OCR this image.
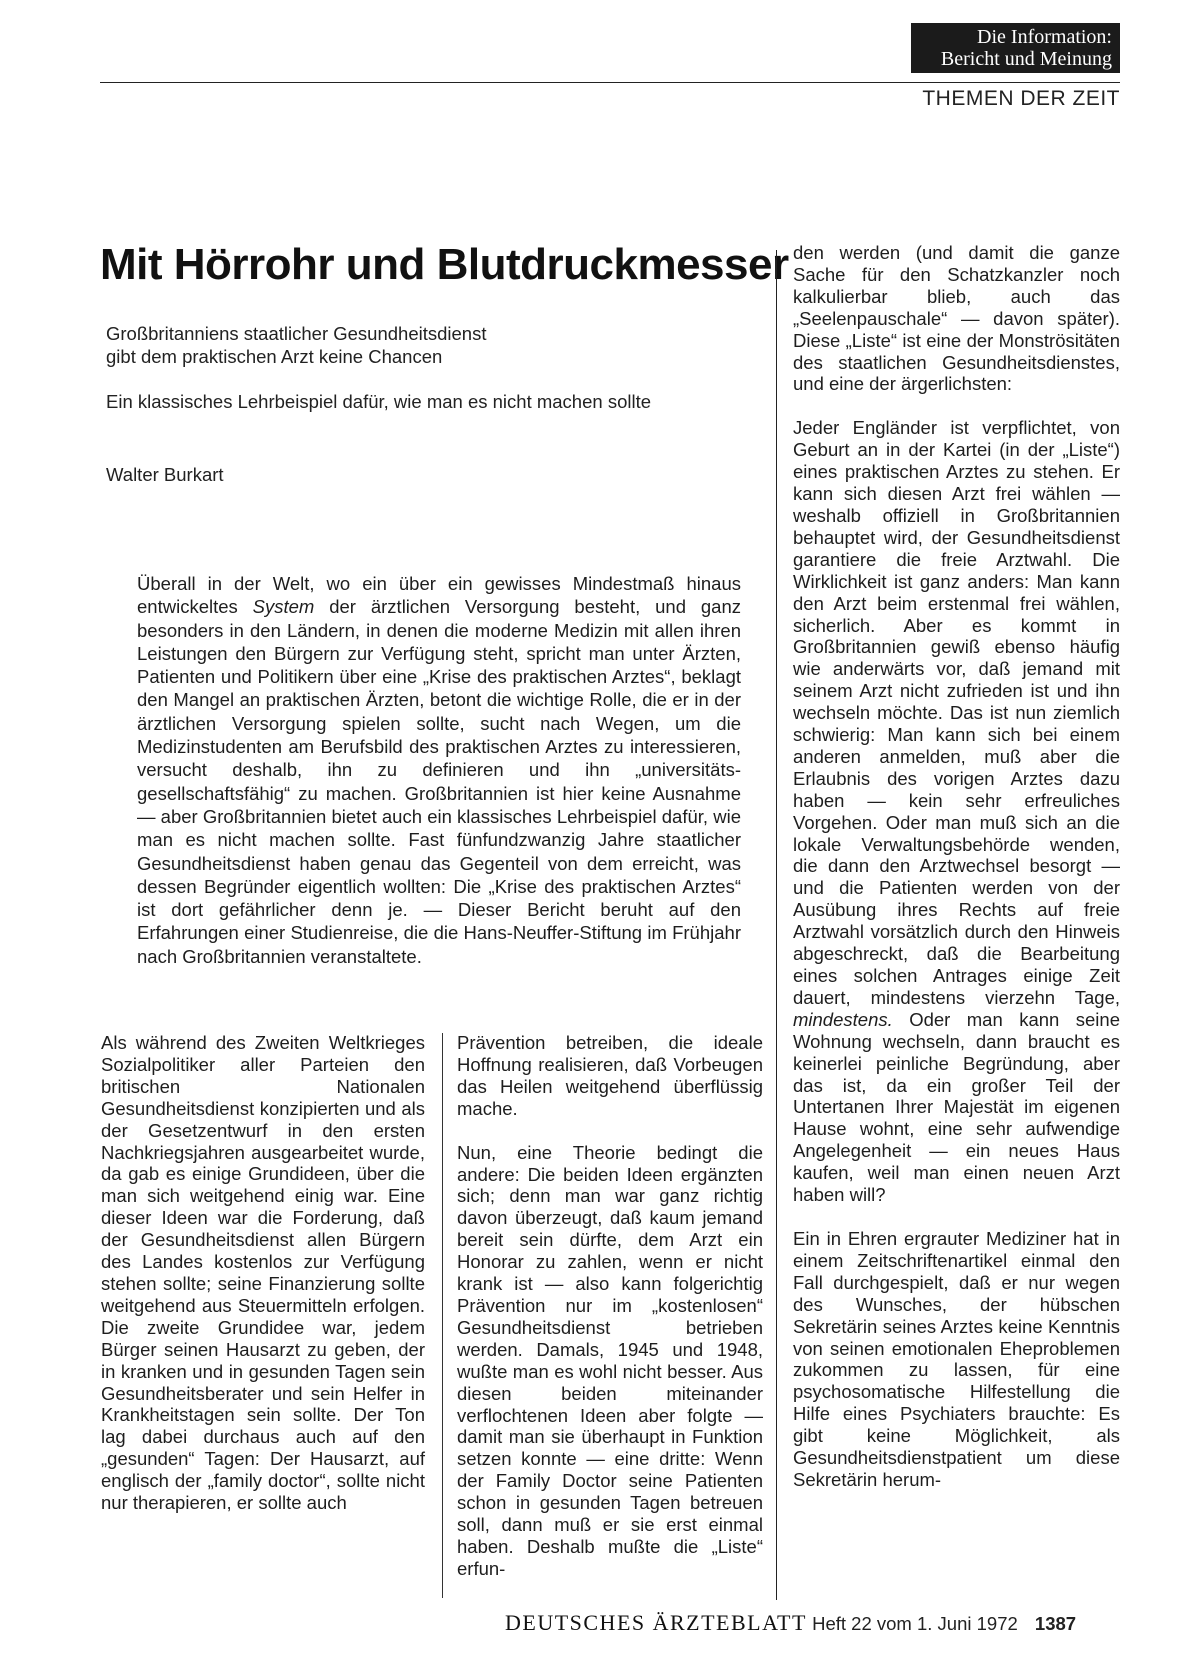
Die Information:
Bericht und Meinung
THEMEN DER ZEIT
Mit Hörrohr und Blutdruckmesser
Großbritanniens staatlicher Gesundheitsdienst
gibt dem praktischen Arzt keine Chancen
Ein klassisches Lehrbeispiel dafür, wie man es nicht machen sollte
Walter Burkart
Überall in der Welt, wo ein über ein gewisses Mindestmaß hinaus entwickeltes System der ärztlichen Versorgung besteht, und ganz besonders in den Ländern, in denen die moderne Medizin mit allen ihren Leistungen den Bürgern zur Verfügung steht, spricht man unter Ärzten, Patienten und Politikern über eine „Krise des praktischen Arztes“, beklagt den Mangel an praktischen Ärzten, betont die wichtige Rolle, die er in der ärztlichen Versorgung spielen sollte, sucht nach Wegen, um die Medizinstudenten am Berufsbild des praktischen Arztes zu interessieren, versucht deshalb, ihn zu definieren und ihn „universitäts-gesellschaftsfähig“ zu machen. Großbritannien ist hier keine Ausnahme — aber Großbritannien bietet auch ein klassisches Lehrbeispiel dafür, wie man es nicht machen sollte. Fast fünfundzwanzig Jahre staatlicher Gesundheitsdienst haben genau das Gegenteil von dem erreicht, was dessen Begründer eigentlich wollten: Die „Krise des praktischen Arztes“ ist dort gefährlicher denn je. — Dieser Bericht beruht auf den Erfahrungen einer Studienreise, die die Hans-Neuffer-Stiftung im Frühjahr nach Großbritannien veranstaltete.

Als während des Zweiten Weltkrieges Sozialpolitiker aller Parteien den britischen Nationalen Gesundheitsdienst konzipierten und als der Gesetzentwurf in den ersten Nachkriegsjahren ausgearbeitet wurde, da gab es einige Grundideen, über die man sich weitgehend einig war. Eine dieser Ideen war die Forderung, daß der Gesundheitsdienst allen Bürgern des Landes kostenlos zur Verfügung stehen sollte; seine Finanzierung sollte weitgehend aus Steuermitteln erfolgen. Die zweite Grundidee war, jedem Bürger seinen Hausarzt zu geben, der in kranken und in gesunden Tagen sein Gesundheitsberater und sein Helfer in Krankheitstagen sein sollte. Der Ton lag dabei durchaus auch auf den „gesunden“ Tagen: Der Hausarzt, auf englisch der „family doctor“, sollte nicht nur therapieren, er sollte auch

Prävention betreiben, die ideale Hoffnung realisieren, daß Vorbeugen das Heilen weitgehend überflüssig mache.

Nun, eine Theorie bedingt die andere: Die beiden Ideen ergänzten sich; denn man war ganz richtig davon überzeugt, daß kaum jemand bereit sein dürfte, dem Arzt ein Honorar zu zahlen, wenn er nicht krank ist — also kann folgerichtig Prävention nur im „kostenlosen“ Gesundheitsdienst betrieben werden. Damals, 1945 und 1948, wußte man es wohl nicht besser. Aus diesen beiden miteinander verflochtenen Ideen aber folgte — damit man sie überhaupt in Funktion setzen konnte — eine dritte: Wenn der Family Doctor seine Patienten schon in gesunden Tagen betreuen soll, dann muß er sie erst einmal haben. Deshalb mußte die „Liste“ erfun-

den werden (und damit die ganze Sache für den Schatzkanzler noch kalkulierbar blieb, auch das „Seelenpauschale“ — davon später). Diese „Liste“ ist eine der Monströsitäten des staatlichen Gesundheitsdienstes, und eine der ärgerlichsten:

Jeder Engländer ist verpflichtet, von Geburt an in der Kartei (in der „Liste“) eines praktischen Arztes zu stehen. Er kann sich diesen Arzt frei wählen — weshalb offiziell in Großbritannien behauptet wird, der Gesundheitsdienst garantiere die freie Arztwahl. Die Wirklichkeit ist ganz anders: Man kann den Arzt beim erstenmal frei wählen, sicherlich. Aber es kommt in Großbritannien gewiß ebenso häufig wie anderwärts vor, daß jemand mit seinem Arzt nicht zufrieden ist und ihn wechseln möchte. Das ist nun ziemlich schwierig: Man kann sich bei einem anderen anmelden, muß aber die Erlaubnis des vorigen Arztes dazu haben — kein sehr erfreuliches Vorgehen. Oder man muß sich an die lokale Verwaltungsbehörde wenden, die dann den Arztwechsel besorgt — und die Patienten werden von der Ausübung ihres Rechts auf freie Arztwahl vorsätzlich durch den Hinweis abgeschreckt, daß die Bearbeitung eines solchen Antrages einige Zeit dauert, mindestens vierzehn Tage, mindestens. Oder man kann seine Wohnung wechseln, dann braucht es keinerlei peinliche Begründung, aber das ist, da ein großer Teil der Untertanen Ihrer Majestät im eigenen Hause wohnt, eine sehr aufwendige Angelegenheit — ein neues Haus kaufen, weil man einen neuen Arzt haben will?

Ein in Ehren ergrauter Mediziner hat in einem Zeitschriftenartikel einmal den Fall durchgespielt, daß er nur wegen des Wunsches, der hübschen Sekretärin seines Arztes keine Kenntnis von seinen emotionalen Eheproblemen zukommen zu lassen, für eine psychosomatische Hilfestellung die Hilfe eines Psychiaters brauchte: Es gibt keine Möglichkeit, als Gesundheitsdienstpatient um diese Sekretärin herum-

DEUTSCHES ÄRZTEBLATT Heft 22 vom 1. Juni 1972 1387
